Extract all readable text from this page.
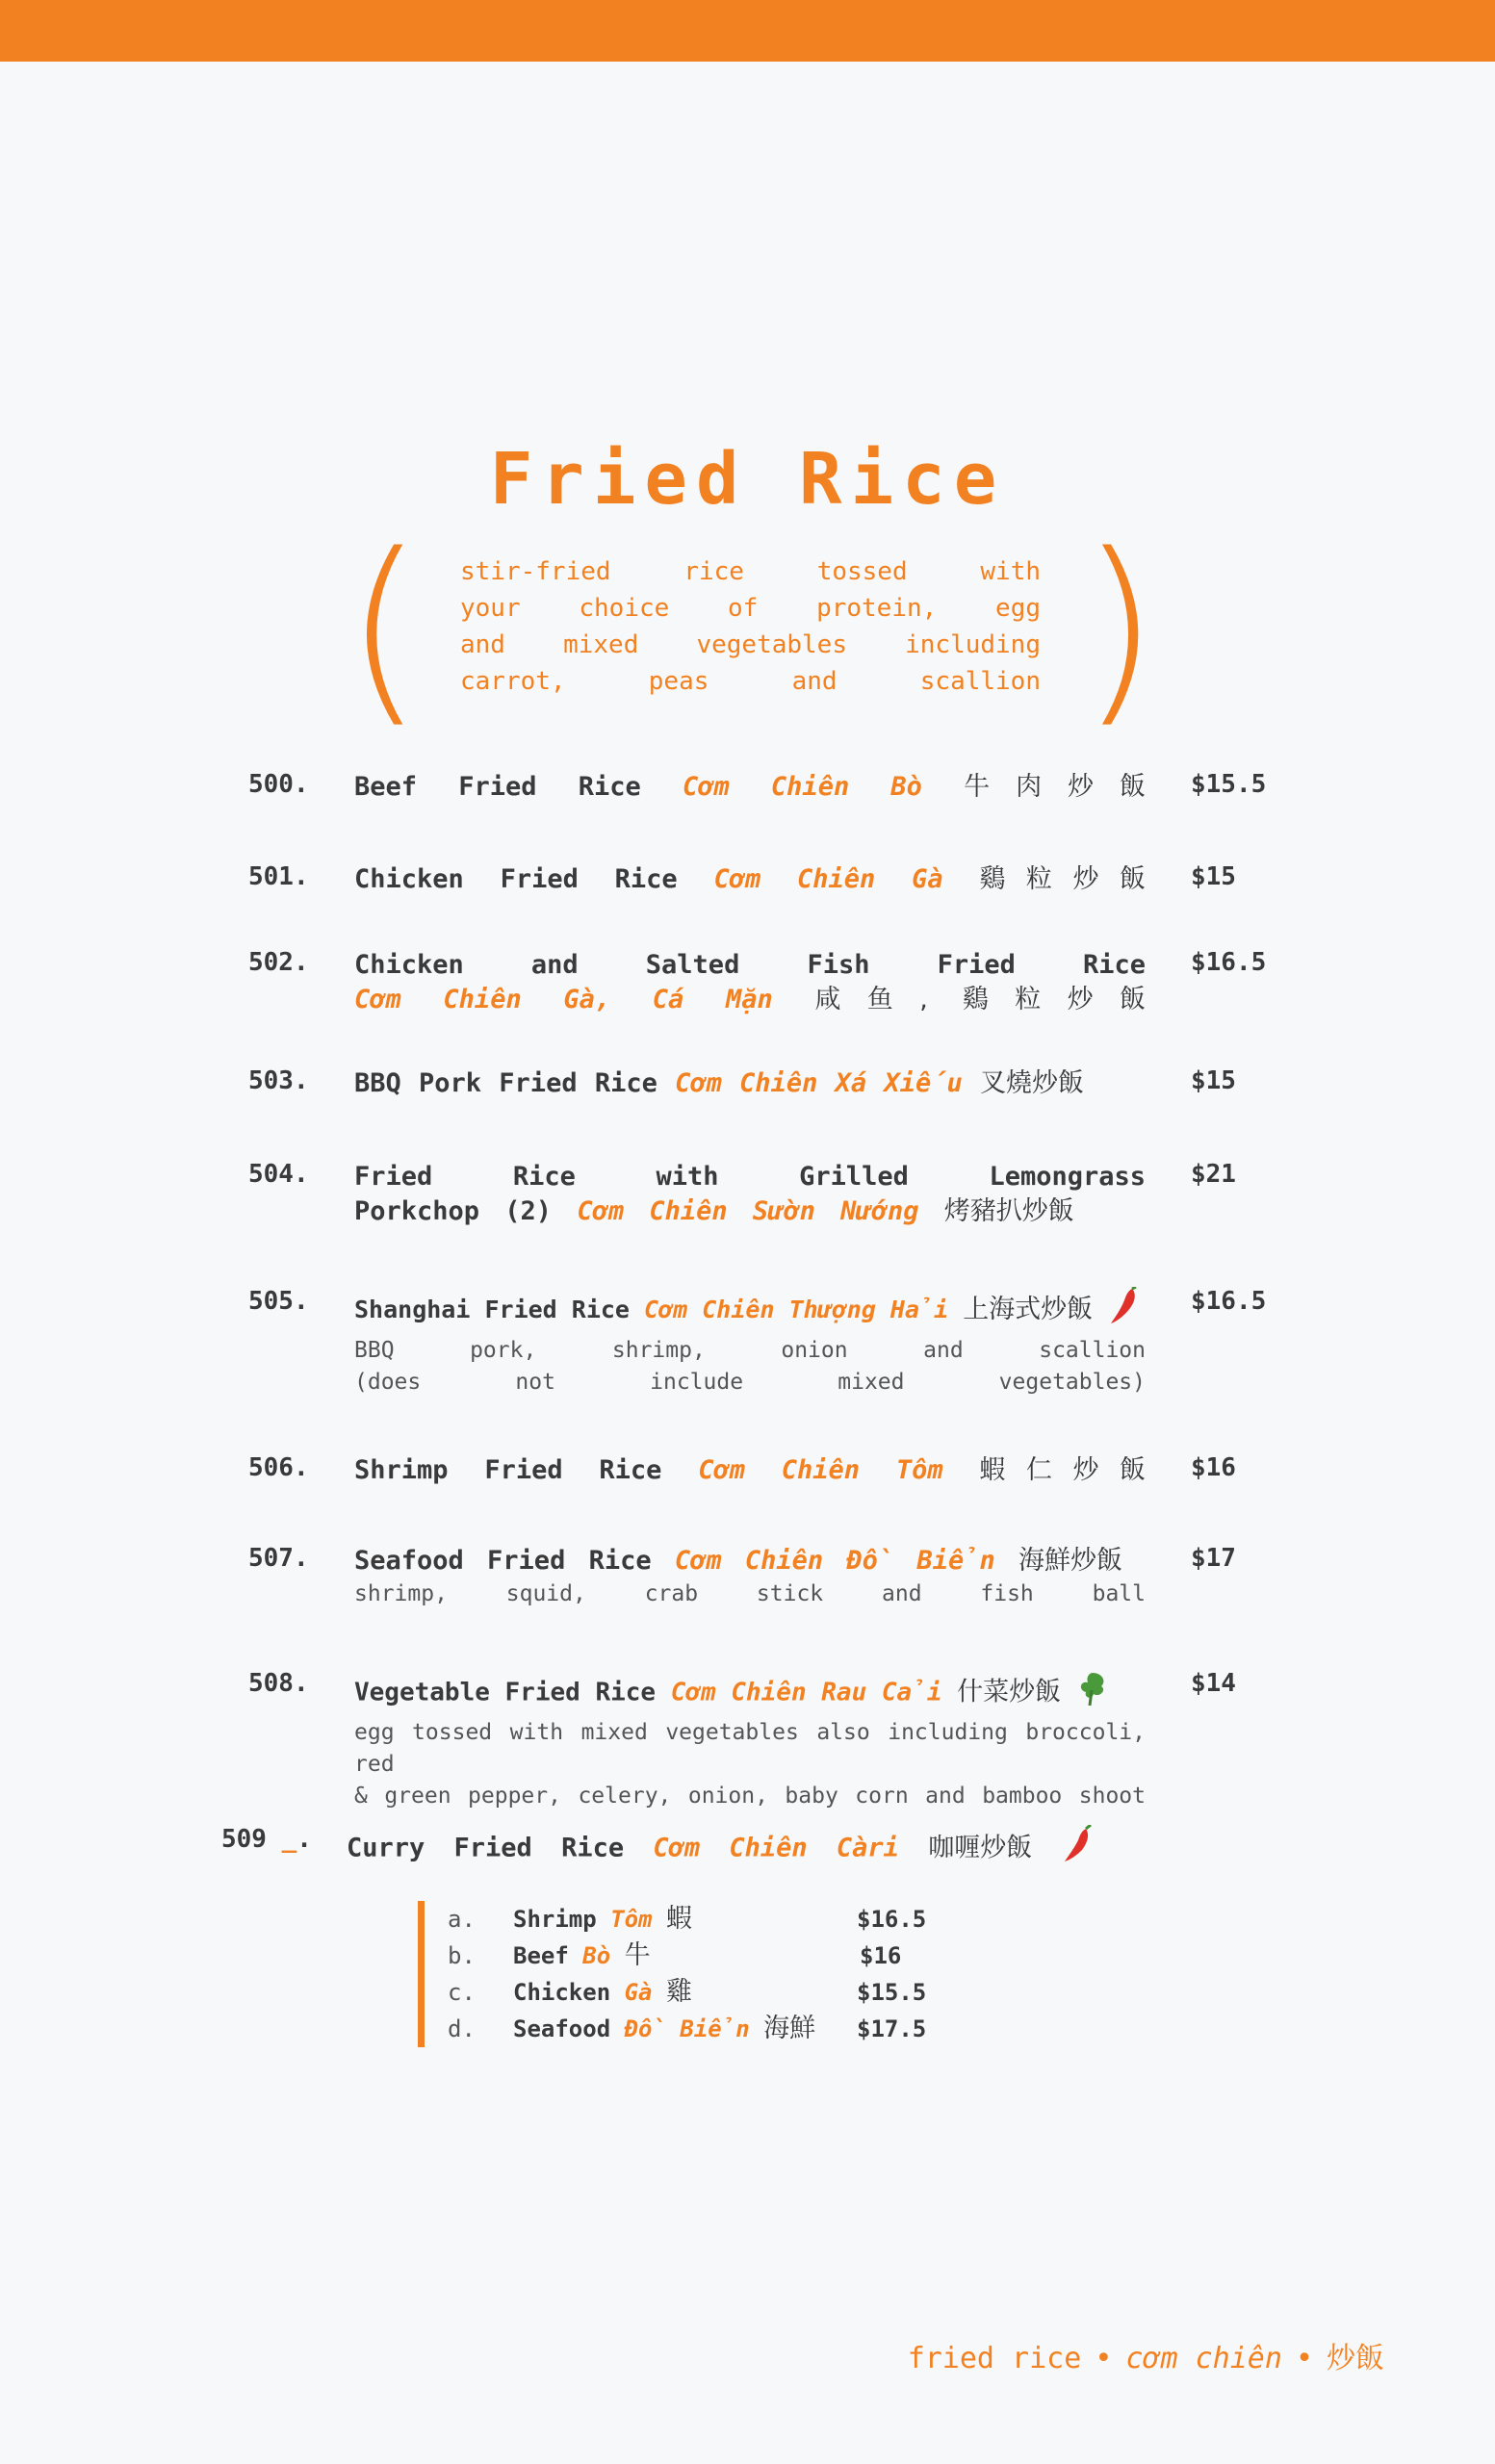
Fried Rice
(	)
stir-fried rice tossed with
your choice of protein, egg
and mixed vegetables including
carrot, peas and scallion
500. Beef Fried Rice Cơm Chiên Bò 牛肉炒飯 $15.5
501. Chicken Fried Rice Cơm Chiên Gà 鷄粒炒飯 $15
502. Chicken and Salted Fish Fried Rice
Cơm Chiên Gà, Cá Mặn 咸鱼, 鷄粒炒飯
$16.5
503. BBQ Pork Fried Rice Cơm Chiên Xá Xiếu 叉燒炒飯	$15
504. Fried Rice with Grilled Lemongrass
Porkchop (2) Cơm Chiên Sườn Nướng 烤豬扒炒飯
$21
505. Shanghai Fried Rice Cơm Chiên Thượng Hải 上海式炒飯
BBQ pork, shrimp, onion and scallion
(does not include mixed vegetables)
$16.5
506. Shrimp Fried Rice Cơm Chiên Tôm 蝦仁炒飯 $16
507. Seafood Fried Rice Cơm Chiên Đồ Biển 海鮮炒飯
shrimp, squid, crab stick and fish ball
$17
508. Vegetable Fried Rice Cơm Chiên Rau Cải 什菜炒飯
egg tossed with mixed vegetables also including broccoli, red
& green pepper, celery, onion, baby corn and bamboo shoot
$14
509 _. Curry Fried Rice Cơm Chiên Càri 咖喱炒飯
a. Shrimp Tôm 蝦	$16.5
b. Beef Bò 牛	$16
c. Chicken Gà 雞	$15.5
d. Seafood Đồ Biển 海鮮 $17.5
fried rice • cơm chiên • 炒飯
